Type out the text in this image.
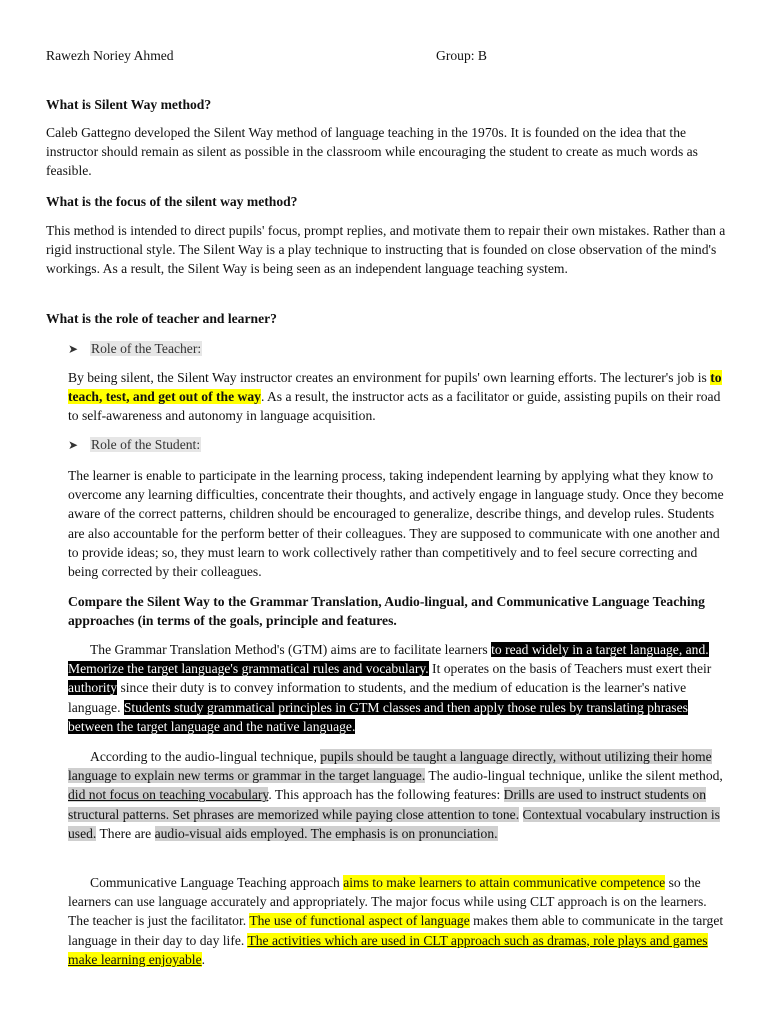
Rawezh Noriey Ahmed	Group: B
What is Silent Way method?

Caleb Gattegno developed the Silent Way method of language teaching in the 1970s. It is founded on the idea that the instructor should remain as silent as possible in the classroom while encouraging the student to create as much words as feasible.

What is the focus of the silent way method?

This method is intended to direct pupils' focus, prompt replies, and motivate them to repair their own mistakes. Rather than a rigid instructional style. The Silent Way is a play technique to instructing that is founded on close observation of the mind's workings. As a result, the Silent Way is being seen as an independent language teaching system.

What is the role of teacher and learner?
➤ Role of the Teacher:

By being silent, the Silent Way instructor creates an environment for pupils' own learning efforts. The lecturer's job is to teach, test, and get out of the way. As a result, the instructor acts as a facilitator or guide, assisting pupils on their road to self-awareness and autonomy in language acquisition.

➤ Role of the Student:

The learner is enable to participate in the learning process, taking independent learning by applying what they know to overcome any learning difficulties, concentrate their thoughts, and actively engage in language study. Once they become aware of the correct patterns, children should be encouraged to generalize, describe things, and develop rules. Students are also accountable for the perform better of their colleagues. They are supposed to communicate with one another and to provide ideas; so, they must learn to work collectively rather than competitively and to feel secure correcting and being corrected by their colleagues.

Compare the Silent Way to the Grammar Translation, Audio-lingual, and Communicative Language Teaching approaches (in terms of the goals, principle and features.

The Grammar Translation Method's (GTM) aims are to facilitate learners to read widely in a target language, and. Memorize the target language's grammatical rules and vocabulary. It operates on the basis of Teachers must exert their authority since their duty is to convey information to students, and the medium of education is the learner's native language. Students study grammatical principles in GTM classes and then apply those rules by translating phrases between the target language and the native language.

According to the audio-lingual technique, pupils should be taught a language directly, without utilizing their home language to explain new terms or grammar in the target language. The audio-lingual technique, unlike the silent method, did not focus on teaching vocabulary. This approach has the following features: Drills are used to instruct students on structural patterns. Set phrases are memorized while paying close attention to tone. Contextual vocabulary instruction is used. There are audio-visual aids employed. The emphasis is on pronunciation.

Communicative Language Teaching approach aims to make learners to attain communicative competence so the learners can use language accurately and appropriately. The major focus while using CLT approach is on the learners. The teacher is just the facilitator. The use of functional aspect of language makes them able to communicate in the target language in their day to day life. The activities which are used in CLT approach such as dramas, role plays and games make learning enjoyable.
